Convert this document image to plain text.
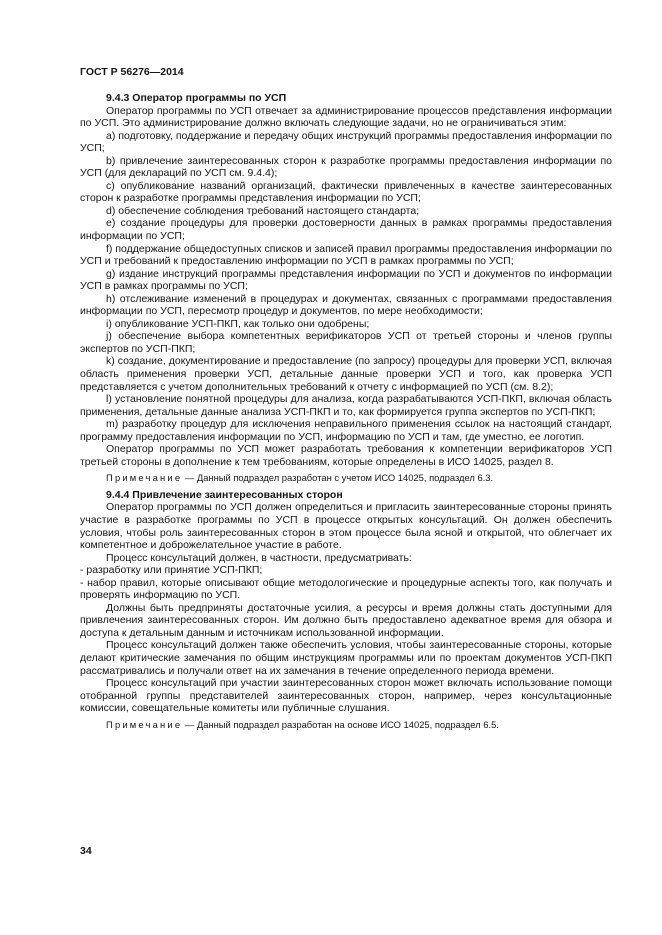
ГОСТ Р 56276—2014
9.4.3 Оператор программы по УСП

Оператор программы по УСП отвечает за администрирование процессов представления информации по УСП. Это администрирование должно включать следующие задачи, но не ограничиваться этим:

а) подготовку, поддержание и передачу общих инструкций программы предоставления информации по УСП;

b) привлечение заинтересованных сторон к разработке программы предоставления информации по УСП (для деклараций по УСП см. 9.4.4);

с) опубликование названий организаций, фактически привлеченных в качестве заинтересованных сторон к разработке программы представления информации по УСП;

d) обеспечение соблюдения требований настоящего стандарта;

е) создание процедуры для проверки достоверности данных в рамках программы предоставления информации по УСП;

f) поддержание общедоступных списков и записей правил программы предоставления информации по УСП и требований к предоставлению информации по УСП в рамках программы по УСП;

g) издание инструкций программы представления информации по УСП и документов по информации УСП в рамках программы по УСП;

h) отслеживание изменений в процедурах и документах, связанных с программами предоставления информации по УСП, пересмотр процедур и документов, по мере необходимости;

i) опубликование УСП-ПКП, как только они одобрены;

j) обеспечение выбора компетентных верификаторов УСП от третьей стороны и членов группы экспертов по УСП-ПКП;

k) создание, документирование и предоставление (по запросу) процедуры для проверки УСП, включая область применения проверки УСП, детальные данные проверки УСП и того, как проверка УСП представляется с учетом дополнительных требований к отчету с информацией по УСП (см. 8.2);

l) установление понятной процедуры для анализа, когда разрабатываются УСП-ПКП, включая область применения, детальные данные анализа УСП-ПКП и то, как формируется группа экспертов по УСП-ПКП;

m) разработку процедур для исключения неправильного применения ссылок на настоящий стандарт, программу предоставления информации по УСП, информацию по УСП и там, где уместно, ее логотип.

Оператор программы по УСП может разработать требования к компетенции верификаторов УСП третьей стороны в дополнение к тем требованиям, которые определены в ИСО 14025, раздел 8.

Примечание — Данный подраздел разработан с учетом ИСО 14025, подраздел 6.3.

9.4.4 Привлечение заинтересованных сторон

Оператор программы по УСП должен определиться и пригласить заинтересованные стороны принять участие в разработке программы по УСП в процессе открытых консультаций. Он должен обеспечить условия, чтобы роль заинтересованных сторон в этом процессе была ясной и открытой, что облегчает их компетентное и доброжелательное участие в работе.

Процесс консультаций должен, в частности, предусматривать:

- разработку или принятие УСП-ПКП;

- набор правил, которые описывают общие методологические и процедурные аспекты того, как получать и проверять информацию по УСП.

Должны быть предприняты достаточные усилия, а ресурсы и время должны стать доступными для привлечения заинтересованных сторон. Им должно быть предоставлено адекватное время для обзора и доступа к детальным данным и источникам использованной информации.

Процесс консультаций должен также обеспечить условия, чтобы заинтересованные стороны, которые делают критические замечания по общим инструкциям программы или по проектам документов УСП-ПКП рассматривались и получали ответ на их замечания в течение определенного периода времени.

Процесс консультаций при участии заинтересованных сторон может включать использование помощи отобранной группы представителей заинтересованных сторон, например, через консультационные комиссии, совещательные комитеты или публичные слушания.

Примечание — Данный подраздел разработан на основе ИСО 14025, подраздел 6.5.

34
